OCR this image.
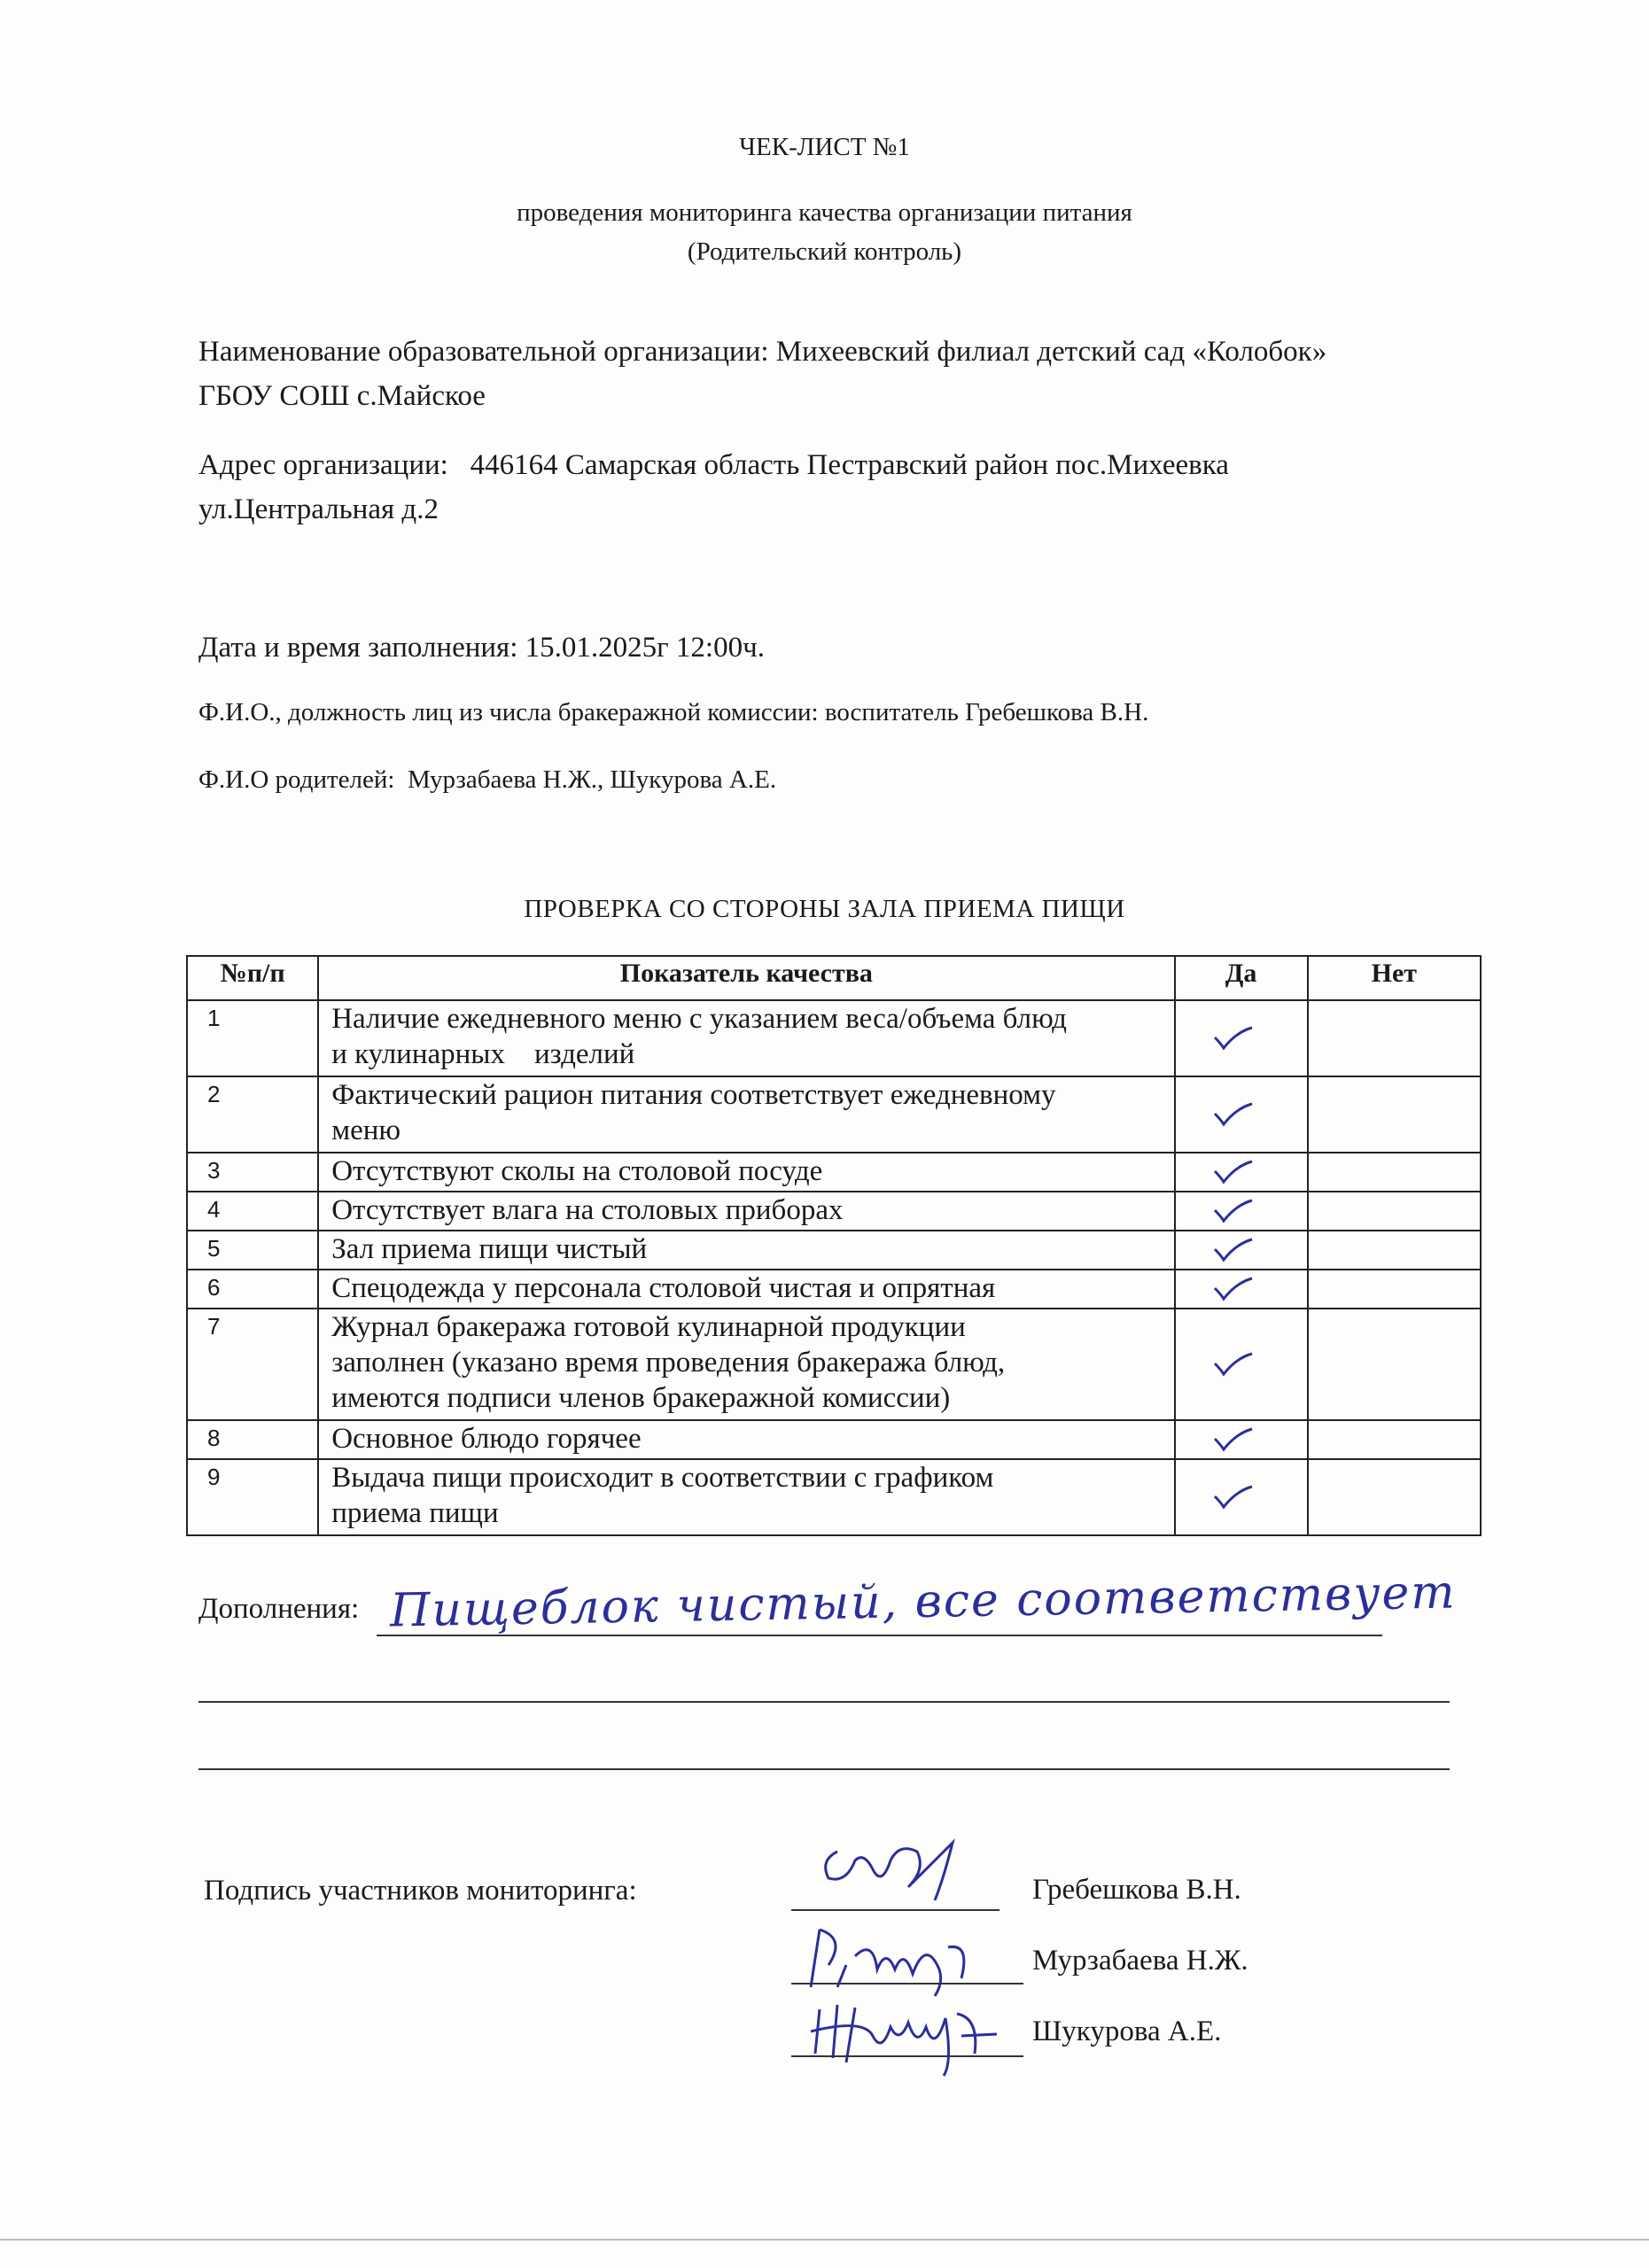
ЧЕК-ЛИСТ №1
проведения мониторинга качества организации питания
(Родительский контроль)
Наименование образовательной организации: Михеевский филиал детский сад «Колобок»
ГБОУ СОШ с.Майское
Адрес организации:   446164 Самарская область Пестравский район пос.Михеевка
ул.Центральная д.2
Дата и время заполнения: 15.01.2025г 12:00ч.
Ф.И.О., должность лиц из числа бракеражной комиссии: воспитатель Гребешкова В.Н.
Ф.И.О родителей:  Мурзабаева Н.Ж., Шукурова А.Е.
ПРОВЕРКА СО СТОРОНЫ ЗАЛА ПРИЕМА ПИЩИ
№п/п	Показатель качества	Да	Нет
1	Наличие ежедневного меню с указанием веса/объема блюд
и кулинарных    изделий

2	Фактический рацион питания соответствует ежедневному
меню

3	Отсутствуют сколы на столовой посуде	

4	Отсутствует влага на столовых приборах	

5	Зал приема пищи чистый	

6	Спецодежда у персонала столовой чистая и опрятная	

7	Журнал бракеража готовой кулинарной продукции
заполнен (указано время проведения бракеража блюд,
имеются подписи членов бракеражной комиссии)

8	Основное блюдо горячее	

9	Выдача пищи происходит в соответствии с графиком
приема пищи

Дополнения: Пищеблок чистый, все соответствует
Подпись участников мониторинга:	Гребешкова В.Н.
Мурзабаева Н.Ж.
Шукурова А.Е.
